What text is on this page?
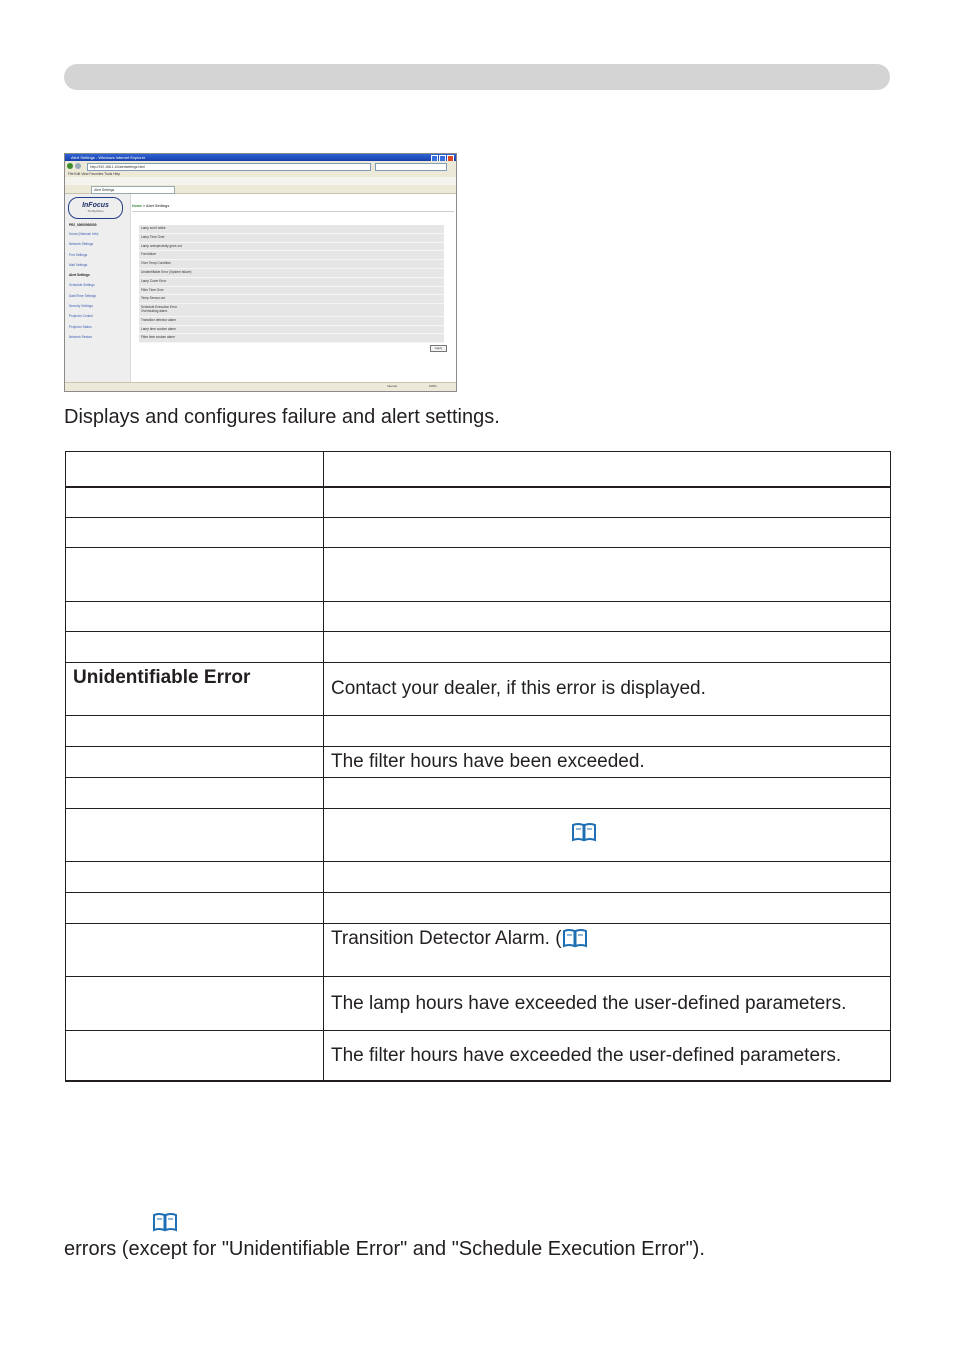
Alert Settings - Windows Internet Explorer
http://192.168.1.10/alertsettings.html
File Edit View Favorites Tools Help
Alert Settings
InFocus
The Big Picture
PRJ_00000000000
Home (Network Info)
Network Settings
Port Settings
Mail Settings
Alert Settings
Schedule Settings
Date/Time Settings
Security Settings
Projector Control
Projector Status
Network Restart
Home > Alert Settings
Lamp won't strike
Lamp Time Over
Lamp unexpectedly goes out
Fan failure
Over Temp Condition
Unidentifiable Error (System failure)
Lamp Cover Error
Filter Time Over
Temp Sensor out
Overheating alarm
Transition detector alarm
Lamp time custom alarm
Filter time custom alarm
Apply
Internet	100%
Displays and configures failure and alert settings.
Unidentifiable Error
Contact your dealer, if this error is displayed.
The filter hours have been exceeded.
Transition Detector Alarm. (
The lamp hours have exceeded the user-defined parameters.
The filter hours have exceeded the user-defined parameters.
errors (except for "Unidentifiable Error" and "Schedule Execution Error").
